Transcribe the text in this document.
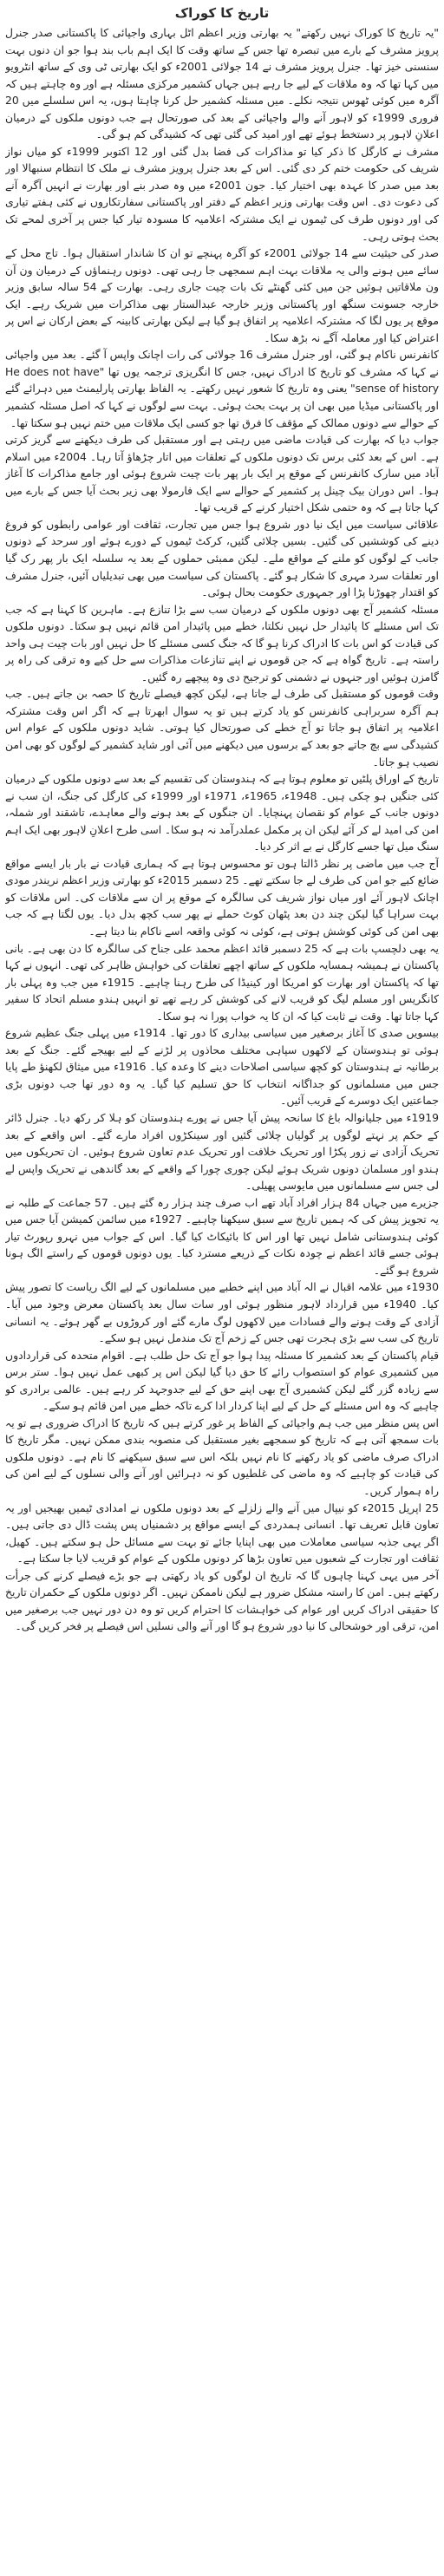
تاریخ کا کوراک

"یہ تاریخ کا کوراک نہیں رکھتے" یہ بھارتی وزیر اعظم اٹل بہاری واجپائی کا پاکستانی صدر جنرل پرویز مشرف کے بارے میں تبصرہ تھا جس کے ساتھ وقت کا ایک اہم باب بند ہوا جو ان دنوں بہت سنسنی خیز تھا۔ جنرل پرویز مشرف نے 14 جولائی 2001ء کو ایک بھارتی ٹی وی کے ساتھ انٹرویو میں کہا تھا کہ وہ ملاقات کے لیے جا رہے ہیں جہاں کشمیر مرکزی مسئلہ ہے اور وہ چاہتے ہیں کہ آگرہ میں کوئی ٹھوس نتیجہ نکلے۔ میں مسئلہ کشمیر حل کرنا چاہتا ہوں، یہ اس سلسلے میں 20 فروری 1999ء کو لاہور آنے والے واجپائی کے بعد کی صورتحال ہے جب دونوں ملکوں کے درمیان اعلانِ لاہور پر دستخط ہوئے تھے اور امید کی گئی تھی کہ کشیدگی کم ہو گی۔

مشرف نے کارگل کا ذکر کیا تو مذاکرات کی فضا بدل گئی اور 12 اکتوبر 1999ء کو میاں نواز شریف کی حکومت ختم کر دی گئی۔ اس کے بعد جنرل پرویز مشرف نے ملک کا انتظام سنبھالا اور بعد میں صدر کا عہدہ بھی اختیار کیا۔ جون 2001ء میں وہ صدر بنے اور بھارت نے انہیں آگرہ آنے کی دعوت دی۔ اس وقت بھارتی وزیر اعظم کے دفتر اور پاکستانی سفارتکاروں نے کئی ہفتے تیاری کی اور دونوں طرف کی ٹیموں نے ایک مشترکہ اعلامیہ کا مسودہ تیار کیا جس پر آخری لمحے تک بحث ہوتی رہی۔

صدر کی حیثیت سے 14 جولائی 2001ء کو آگرہ پہنچے تو ان کا شاندار استقبال ہوا۔ تاج محل کے سائے میں ہونے والی یہ ملاقات بہت اہم سمجھی جا رہی تھی۔ دونوں رہنماؤں کے درمیان ون آن ون ملاقاتیں ہوئیں جن میں کئی گھنٹے تک بات چیت جاری رہی۔ بھارت کے 54 سالہ سابق وزیر خارجہ جسونت سنگھ اور پاکستانی وزیر خارجہ عبدالستار بھی مذاکرات میں شریک رہے۔ ایک موقع پر یوں لگا کہ مشترکہ اعلامیہ پر اتفاق ہو گیا ہے لیکن بھارتی کابینہ کے بعض ارکان نے اس پر اعتراض کیا اور معاملہ آگے نہ بڑھ سکا۔

کانفرنس ناکام ہو گئی، اور جنرل مشرف 16 جولائی کی رات اچانک واپس آ گئے۔ بعد میں واجپائی نے کہا کہ مشرف کو تاریخ کا ادراک نہیں، جس کا انگریزی ترجمہ یوں تھا "He does not have sense of history" یعنی وہ تاریخ کا شعور نہیں رکھتے۔ یہ الفاظ بھارتی پارلیمنٹ میں دہرائے گئے اور پاکستانی میڈیا میں بھی ان پر بہت بحث ہوئی۔ بہت سے لوگوں نے کہا کہ اصل مسئلہ کشمیر کے حوالے سے دونوں ممالک کے مؤقف کا فرق تھا جو کسی ایک ملاقات میں ختم نہیں ہو سکتا تھا۔

جواب دیا کہ بھارت کی قیادت ماضی میں رہتی ہے اور مستقبل کی طرف دیکھنے سے گریز کرتی ہے۔ اس کے بعد کئی برس تک دونوں ملکوں کے تعلقات میں اتار چڑھاؤ آتا رہا۔ 2004ء میں اسلام آباد میں سارک کانفرنس کے موقع پر ایک بار پھر بات چیت شروع ہوئی اور جامع مذاکرات کا آغاز ہوا۔ اس دوران بیک چینل پر کشمیر کے حوالے سے ایک فارمولا بھی زیر بحث آیا جس کے بارے میں کہا جاتا ہے کہ وہ حتمی شکل اختیار کرنے کے قریب تھا۔

علاقائی سیاست میں ایک نیا دور شروع ہوا جس میں تجارت، ثقافت اور عوامی رابطوں کو فروغ دینے کی کوششیں کی گئیں۔ بسیں چلائی گئیں، کرکٹ ٹیموں کے دورے ہوئے اور سرحد کے دونوں جانب کے لوگوں کو ملنے کے مواقع ملے۔ لیکن ممبئی حملوں کے بعد یہ سلسلہ ایک بار پھر رک گیا اور تعلقات سرد مہری کا شکار ہو گئے۔ پاکستان کی سیاست میں بھی تبدیلیاں آئیں، جنرل مشرف کو اقتدار چھوڑنا پڑا اور جمہوری حکومت بحال ہوئی۔

مسئلہ کشمیر آج بھی دونوں ملکوں کے درمیان سب سے بڑا تنازع ہے۔ ماہرین کا کہنا ہے کہ جب تک اس مسئلے کا پائیدار حل نہیں نکلتا، خطے میں پائیدار امن قائم نہیں ہو سکتا۔ دونوں ملکوں کی قیادت کو اس بات کا ادراک کرنا ہو گا کہ جنگ کسی مسئلے کا حل نہیں اور بات چیت ہی واحد راستہ ہے۔ تاریخ گواہ ہے کہ جن قوموں نے اپنے تنازعات مذاکرات سے حل کیے وہ ترقی کی راہ پر گامزن ہوئیں اور جنہوں نے دشمنی کو ترجیح دی وہ پیچھے رہ گئیں۔

وقت قوموں کو مستقبل کی طرف لے جاتا ہے، لیکن کچھ فیصلے تاریخ کا حصہ بن جاتے ہیں۔ جب ہم آگرہ سربراہی کانفرنس کو یاد کرتے ہیں تو یہ سوال ابھرتا ہے کہ اگر اس وقت مشترکہ اعلامیہ پر اتفاق ہو جاتا تو آج خطے کی صورتحال کیا ہوتی۔ شاید دونوں ملکوں کے عوام اس کشیدگی سے بچ جاتے جو بعد کے برسوں میں دیکھنے میں آئی اور شاید کشمیر کے لوگوں کو بھی امن نصیب ہو جاتا۔

تاریخ کے اوراق پلٹیں تو معلوم ہوتا ہے کہ ہندوستان کی تقسیم کے بعد سے دونوں ملکوں کے درمیان کئی جنگیں ہو چکی ہیں۔ 1948ء، 1965ء، 1971ء اور 1999ء کی کارگل کی جنگ، ان سب نے دونوں جانب کے عوام کو نقصان پہنچایا۔ ان جنگوں کے بعد ہونے والے معاہدے، تاشقند اور شملہ، امن کی امید لے کر آئے لیکن ان پر مکمل عملدرآمد نہ ہو سکا۔ اسی طرح اعلانِ لاہور بھی ایک اہم سنگ میل تھا جسے کارگل نے بے اثر کر دیا۔

آج جب میں ماضی پر نظر ڈالتا ہوں تو محسوس ہوتا ہے کہ ہماری قیادت نے بار بار ایسے مواقع ضائع کیے جو امن کی طرف لے جا سکتے تھے۔ 25 دسمبر 2015ء کو بھارتی وزیر اعظم نریندر مودی اچانک لاہور آئے اور میاں نواز شریف کی سالگرہ کے موقع پر ان سے ملاقات کی۔ اس ملاقات کو بہت سراہا گیا لیکن چند دن بعد پٹھان کوٹ حملے نے پھر سب کچھ بدل دیا۔ یوں لگتا ہے کہ جب بھی امن کی کوئی کوشش ہوتی ہے، کوئی نہ کوئی واقعہ اسے ناکام بنا دیتا ہے۔

یہ بھی دلچسپ بات ہے کہ 25 دسمبر قائد اعظم محمد علی جناح کی سالگرہ کا دن بھی ہے۔ بانی پاکستان نے ہمیشہ ہمسایہ ملکوں کے ساتھ اچھے تعلقات کی خواہش ظاہر کی تھی۔ انہوں نے کہا تھا کہ پاکستان اور بھارت کو امریکا اور کینیڈا کی طرح رہنا چاہیے۔ 1915ء میں جب وہ پہلی بار کانگریس اور مسلم لیگ کو قریب لانے کی کوشش کر رہے تھے تو انہیں ہندو مسلم اتحاد کا سفیر کہا جاتا تھا۔ وقت نے ثابت کیا کہ ان کا یہ خواب پورا نہ ہو سکا۔

بیسویں صدی کا آغاز برصغیر میں سیاسی بیداری کا دور تھا۔ 1914ء میں پہلی جنگ عظیم شروع ہوئی تو ہندوستان کے لاکھوں سپاہی مختلف محاذوں پر لڑنے کے لیے بھیجے گئے۔ جنگ کے بعد برطانیہ نے ہندوستان کو کچھ سیاسی اصلاحات دینے کا وعدہ کیا۔ 1916ء میں میثاق لکھنؤ طے پایا جس میں مسلمانوں کو جداگانہ انتخاب کا حق تسلیم کیا گیا۔ یہ وہ دور تھا جب دونوں بڑی جماعتیں ایک دوسرے کے قریب آئیں۔

1919ء میں جلیانوالہ باغ کا سانحہ پیش آیا جس نے پورے ہندوستان کو ہلا کر رکھ دیا۔ جنرل ڈائر کے حکم پر نہتے لوگوں پر گولیاں چلائی گئیں اور سینکڑوں افراد مارے گئے۔ اس واقعے کے بعد تحریک آزادی نے زور پکڑا اور تحریک خلافت اور تحریک عدم تعاون شروع ہوئیں۔ ان تحریکوں میں ہندو اور مسلمان دونوں شریک ہوئے لیکن چوری چورا کے واقعے کے بعد گاندھی نے تحریک واپس لے لی جس سے مسلمانوں میں مایوسی پھیلی۔

جزیرے میں جہاں 84 ہزار افراد آباد تھے اب صرف چند ہزار رہ گئے ہیں۔ 57 جماعت کے طلبہ نے یہ تجویز پیش کی کہ ہمیں تاریخ سے سبق سیکھنا چاہیے۔ 1927ء میں سائمن کمیشن آیا جس میں کوئی ہندوستانی شامل نہیں تھا اور اس کا بائیکاٹ کیا گیا۔ اس کے جواب میں نہرو رپورٹ تیار ہوئی جسے قائد اعظم نے چودہ نکات کے ذریعے مسترد کیا۔ یوں دونوں قوموں کے راستے الگ ہونا شروع ہو گئے۔

1930ء میں علامہ اقبال نے الہ آباد میں اپنے خطبے میں مسلمانوں کے لیے الگ ریاست کا تصور پیش کیا۔ 1940ء میں قرارداد لاہور منظور ہوئی اور سات سال بعد پاکستان معرض وجود میں آیا۔ آزادی کے وقت ہونے والے فسادات میں لاکھوں لوگ مارے گئے اور کروڑوں بے گھر ہوئے۔ یہ انسانی تاریخ کی سب سے بڑی ہجرت تھی جس کے زخم آج تک مندمل نہیں ہو سکے۔

قیام پاکستان کے بعد کشمیر کا مسئلہ پیدا ہوا جو آج تک حل طلب ہے۔ اقوام متحدہ کی قراردادوں میں کشمیری عوام کو استصواب رائے کا حق دیا گیا لیکن اس پر کبھی عمل نہیں ہوا۔ ستر برس سے زیادہ گزر گئے لیکن کشمیری آج بھی اپنے حق کے لیے جدوجہد کر رہے ہیں۔ عالمی برادری کو چاہیے کہ وہ اس مسئلے کے حل کے لیے اپنا کردار ادا کرے تاکہ خطے میں امن قائم ہو سکے۔

اس پس منظر میں جب ہم واجپائی کے الفاظ پر غور کرتے ہیں کہ تاریخ کا ادراک ضروری ہے تو یہ بات سمجھ آتی ہے کہ تاریخ کو سمجھے بغیر مستقبل کی منصوبہ بندی ممکن نہیں۔ مگر تاریخ کا ادراک صرف ماضی کو یاد رکھنے کا نام نہیں بلکہ اس سے سبق سیکھنے کا نام ہے۔ دونوں ملکوں کی قیادت کو چاہیے کہ وہ ماضی کی غلطیوں کو نہ دہرائیں اور آنے والی نسلوں کے لیے امن کی راہ ہموار کریں۔

25 اپریل 2015ء کو نیپال میں آنے والے زلزلے کے بعد دونوں ملکوں نے امدادی ٹیمیں بھیجیں اور یہ تعاون قابل تعریف تھا۔ انسانی ہمدردی کے ایسے مواقع پر دشمنیاں پس پشت ڈال دی جاتی ہیں۔ اگر یہی جذبہ سیاسی معاملات میں بھی اپنایا جائے تو بہت سے مسائل حل ہو سکتے ہیں۔ کھیل، ثقافت اور تجارت کے شعبوں میں تعاون بڑھا کر دونوں ملکوں کے عوام کو قریب لایا جا سکتا ہے۔

آخر میں یہی کہنا چاہوں گا کہ تاریخ ان لوگوں کو یاد رکھتی ہے جو بڑے فیصلے کرنے کی جرأت رکھتے ہیں۔ امن کا راستہ مشکل ضرور ہے لیکن ناممکن نہیں۔ اگر دونوں ملکوں کے حکمران تاریخ کا حقیقی ادراک کریں اور عوام کی خواہشات کا احترام کریں تو وہ دن دور نہیں جب برصغیر میں امن، ترقی اور خوشحالی کا نیا دور شروع ہو گا اور آنے والی نسلیں اس فیصلے پر فخر کریں گی۔
